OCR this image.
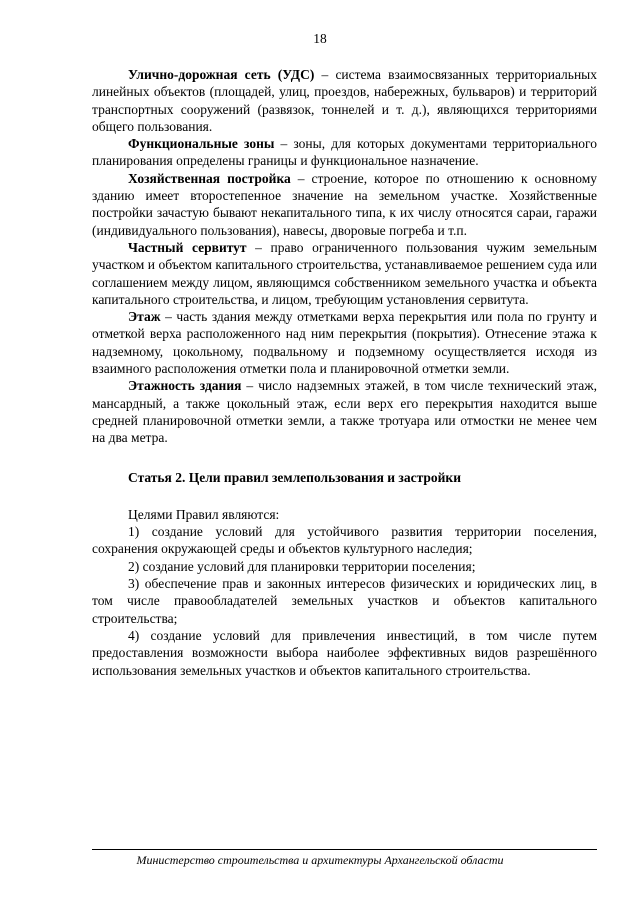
18

Улично-дорожная сеть (УДС) – система взаимосвязанных территориальных линейных объектов (площадей, улиц, проездов, набережных, бульваров) и территорий транспортных сооружений (развязок, тоннелей и т. д.), являющихся территориями общего пользования.

Функциональные зоны – зоны, для которых документами территориального планирования определены границы и функциональное назначение.

Хозяйственная постройка – строение, которое по отношению к основному зданию имеет второстепенное значение на земельном участке. Хозяйственные постройки зачастую бывают некапитального типа, к их числу относятся сараи, гаражи (индивидуального пользования), навесы, дворовые погреба и т.п.

Частный сервитут – право ограниченного пользования чужим земельным участком и объектом капитального строительства, устанавливаемое решением суда или соглашением между лицом, являющимся собственником земельного участка и объекта капитального строительства, и лицом, требующим установления сервитута.

Этаж – часть здания между отметками верха перекрытия или пола по грунту и отметкой верха расположенного над ним перекрытия (покрытия). Отнесение этажа к надземному, цокольному, подвальному и подземному осуществляется исходя из взаимного расположения отметки пола и планировочной отметки земли.

Этажность здания – число надземных этажей, в том числе технический этаж, мансардный, а также цокольный этаж, если верх его перекрытия находится выше средней планировочной отметки земли, а также тротуара или отмостки не менее чем на два метра.

Статья 2. Цели правил землепользования и застройки

Целями Правил являются:

1) создание условий для устойчивого развития территории поселения, сохранения окружающей среды и объектов культурного наследия;

2) создание условий для планировки территории поселения;

3) обеспечение прав и законных интересов физических и юридических лиц, в том числе правообладателей земельных участков и объектов капитального строительства;

4) создание условий для привлечения инвестиций, в том числе путем предоставления возможности выбора наиболее эффективных видов разрешённого использования земельных участков и объектов капитального строительства.

Министерство строительства и архитектуры Архангельской области
